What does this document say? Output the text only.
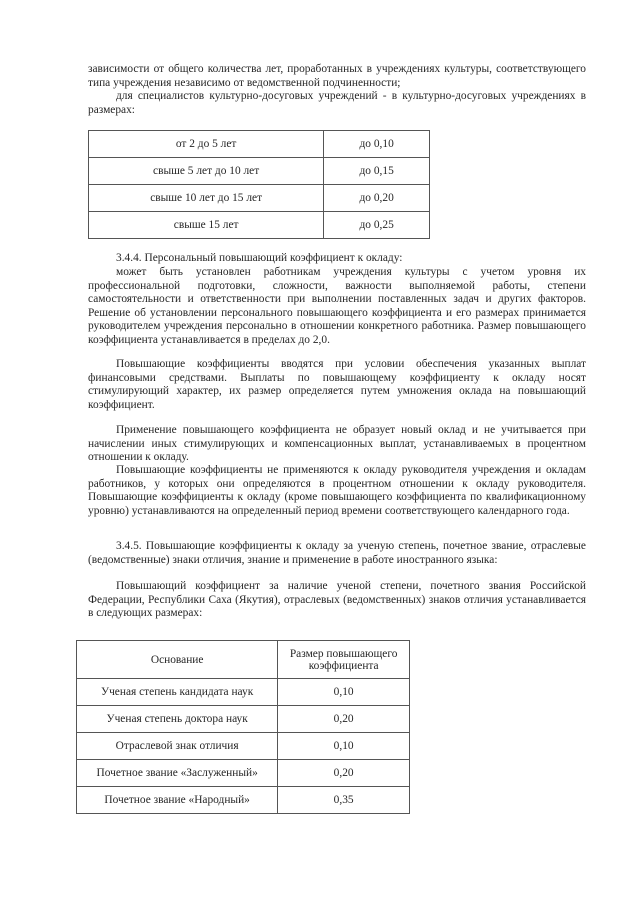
зависимости от общего количества лет, проработанных в учреждениях культуры, соответствующего типа учреждения независимо от ведомственной подчиненности;

для специалистов культурно-досуговых учреждений - в культурно-досуговых учреждениях в размерах:

от 2 до 5 лет	до 0,10
свыше 5 лет до 10 лет	до 0,15
свыше 10 лет до 15 лет	до 0,20
свыше 15 лет	до 0,25

3.4.4. Персональный повышающий коэффициент к окладу:

может быть установлен работникам учреждения культуры с учетом уровня их профессиональной подготовки, сложности, важности выполняемой работы, степени самостоятельности и ответственности при выполнении поставленных задач и других факторов. Решение об установлении персонального повышающего коэффициента и его размерах принимается руководителем учреждения персонально в отношении конкретного работника. Размер повышающего коэффициента устанавливается в пределах до 2,0.

Повышающие коэффициенты вводятся при условии обеспечения указанных выплат финансовыми средствами. Выплаты по повышающему коэффициенту к окладу носят стимулирующий характер, их размер определяется путем умножения оклада на повышающий коэффициент.

Применение повышающего коэффициента не образует новый оклад и не учитывается при начислении иных стимулирующих и компенсационных выплат, устанавливаемых в процентном отношении к окладу.

Повышающие коэффициенты не применяются к окладу руководителя учреждения и окладам работников, у которых они определяются в процентном отношении к окладу руководителя. Повышающие коэффициенты к окладу (кроме повышающего коэффициента по квалификационному уровню) устанавливаются на определенный период времени соответствующего календарного года.

3.4.5. Повышающие коэффициенты к окладу за ученую степень, почетное звание, отраслевые (ведомственные) знаки отличия, знание и применение в работе иностранного языка:

Повышающий коэффициент за наличие ученой степени, почетного звания Российской Федерации, Республики Саха (Якутия), отраслевых (ведомственных) знаков отличия устанавливается в следующих размерах:

Основание	Размер повышающего коэффициента
Ученая степень кандидата наук	0,10
Ученая степень доктора наук	0,20
Отраслевой знак отличия	0,10
Почетное звание «Заслуженный»	0,20
Почетное звание «Народный»	0,35
